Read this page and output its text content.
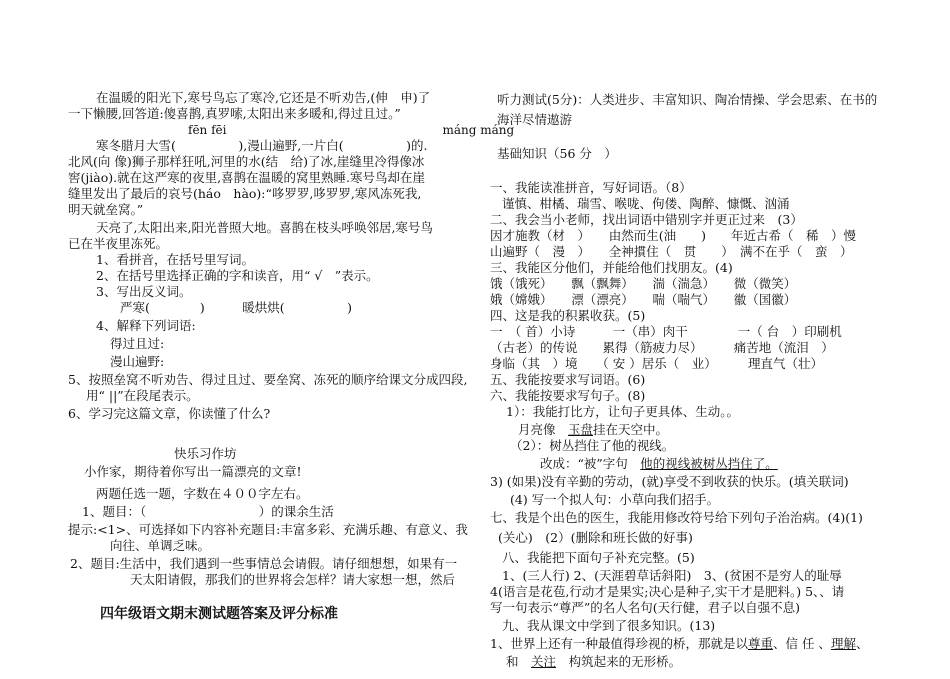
在温暖的阳光下,寒号鸟忘了寒冷,它还是不听劝告,(伸　申)了
一下懒腰,回答道:傻喜鹊,真罗嗦,太阳出来多暖和,得过且过。”
fēn fēi　　　　　　　　　　　　　　　　　　máng máng
寒冬腊月大雪(　　　　　),漫山遍野,一片白(　　　　　)的.
北风(向 像)狮子那样狂吼,河里的水(结　给)了冰,崖缝里冷得像冰
窖(jiào).就在这严寒的夜里,喜鹊在温暖的窝里熟睡.寒号鸟却在崖
缝里发出了最后的哀号(háo　hào):“哆罗罗,哆罗罗,寒风冻死我,
明天就垒窝。”
天亮了,太阳出来,阳光普照大地。喜鹊在枝头呼唤邻居,寒号鸟
已在半夜里冻死。
1、看拼音，在括号里写词。
2、在括号里选择正确的字和读音，用“ √　”表示。
3、写出反义词。
严寒(　　　　)　　　暖烘烘(　　　　　)
4、解释下列词语:
得过且过:
漫山遍野:
5、按照垒窝不听劝告、得过且过、要垒窝、冻死的顺序给课文分成四段,
用“ ||”在段尾表示。
6、学习完这篇文章，你读懂了什么?
快乐习作坊
小作家，期待着你写出一篇漂亮的文章!
两题任选一题，字数在４００字左右。
1、题目：（　　　　　　　　　）的课余生活
提示:<1>、可选择如下内容补充题目:丰富多彩、充满乐趣、有意义、我
向往、单调乏味。
2、题目:生活中，我们遇到一些事情总会请假。请仔细想想，如果有一
天太阳请假，那我们的世界将会怎样？请大家想一想，然后
四年级语文期末测试题答案及评分标准
听力测试(5分)：人类进步、丰富知识、陶冶情操、学会思索、在书的
海洋尽情遨游
基础知识（56 分　）
一、我能读准拼音，写好词语。（8）
谨慎、柑橘、瑞雪、喉咙、佝偻、陶醉、慷慨、汹涌
二、我会当小老师，找出词语中错别字并更正过来　(3）
因才施教（材　）　　由然而生(油　　)　　年近古希（　稀　）慢
山遍野（　漫　）　　全神摜住（　贯　　）　满不在乎（　蛮　）
三、我能区分他们，并能给他们找朋友。(4)
饿（饿死）　　飘（飘舞）　　湍（湍急）　　微（微笑）
娥（嫦娥）　　漂（漂亮）　　喘（喘气）　　徽（国徽）
四、这是我的积累收获。(5)
一　（ 首）小诗　　　一（串）肉干　　　　一（ 台　）印刷机
（古老）的传说　　累得（筋疲力尽）　　　痛苦地（流泪　）
身临（其　）境　　（ 安 ）居乐（　业）　　　理直气（壮）
五、我能按要求写词语。(6)
六、我能按要求写句子。(8)
1）：我能打比方，让句子更具体、生动。。
月亮像　玉盘挂在天空中。
（2）：树丛挡住了他的视线。
改成：“被”字句　他的视线被树丛挡住了。
3) (如果)没有辛勤的劳动，(就)享受不到收获的快乐。(填关联词)
(4) 写一个拟人句：小草向我们招手。
七、我是个出色的医生，我能用修改符号给下列句子治治病。(4)(1)
(关心)　(2）(删除和班长做的好事)
八、我能把下面句子补充完整。(5)
1、(三人行) 2、(天涯碧草话斜阳)　3、(贫困不是穷人的耻辱
4(语言是花苞,行动才是果实;决心是种子,实干才是肥料。) 5、、请
写一句表示“尊严”的名人名句(天行健，君子以自强不息)
九、我从课文中学到了很多知识。(13)
1、世界上还有一种最值得珍视的桥，那就是以尊重、信 任 、理解、
和　 关注　 构筑起来的无形桥。
